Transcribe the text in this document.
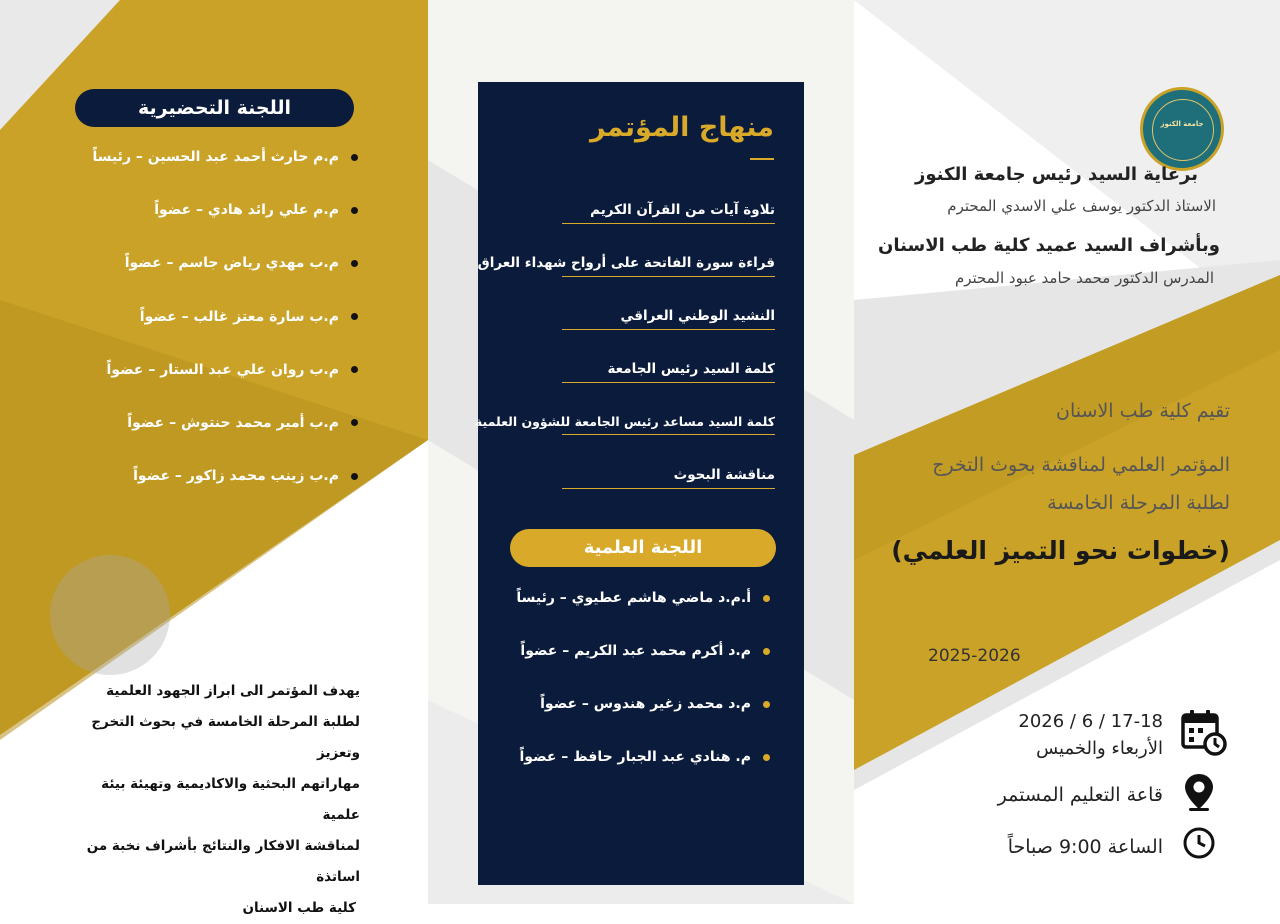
اللجنة التحضيرية
م.م حارث أحمد عبد الحسين – رئيساً
م.م علي رائد هادي – عضواً
م.ب مهدي رياض جاسم – عضواً
م.ب سارة معتز غالب – عضواً
م.ب روان علي عبد الستار – عضواً
م.ب أمير محمد حنتوش – عضواً
م.ب زينب محمد زاكور – عضواً
يهدف المؤتمر الى ابراز الجهود العلمية
لطلبة المرحلة الخامسة في بحوث التخرج وتعزيز
مهاراتهم البحثية والاكاديمية وتهيئة بيئة علمية
لمناقشة الافكار والنتائج بأشراف نخبة من اساتذة
كلية طب الاسنان
منهاج المؤتمر
تلاوة آيات من القرآن الكريم
قراءة سورة الفاتحة على أرواح شهداء العراق
النشيد الوطني العراقي
كلمة السيد رئيس الجامعة
كلمة السيد مساعد رئيس الجامعة للشؤون العلمية
مناقشة البحوث
اللجنة العلمية
أ.م.د ماضي هاشم عطيوي – رئيساً
م.د أكرم محمد عبد الكريم – عضواً
م.د محمد زغير هندوس – عضواً
م. هنادي عبد الجبار حافظ – عضواً
جامعة الكنوز
برعاية السيد رئيس جامعة الكنوز
الاستاذ الدكتور يوسف علي الاسدي المحترم
وبأشراف السيد عميد كلية طب الاسنان
المدرس الدكتور محمد حامد عبود المحترم
تقيم كلية طب الاسنان
المؤتمر العلمي لمناقشة بحوث التخرج
لطلبة المرحلة الخامسة
(خطوات نحو التميز العلمي)
2025-2026
17-18 / 6 / 2026
الأربعاء والخميس
قاعة التعليم المستمر
الساعة 9:00 صباحاً
